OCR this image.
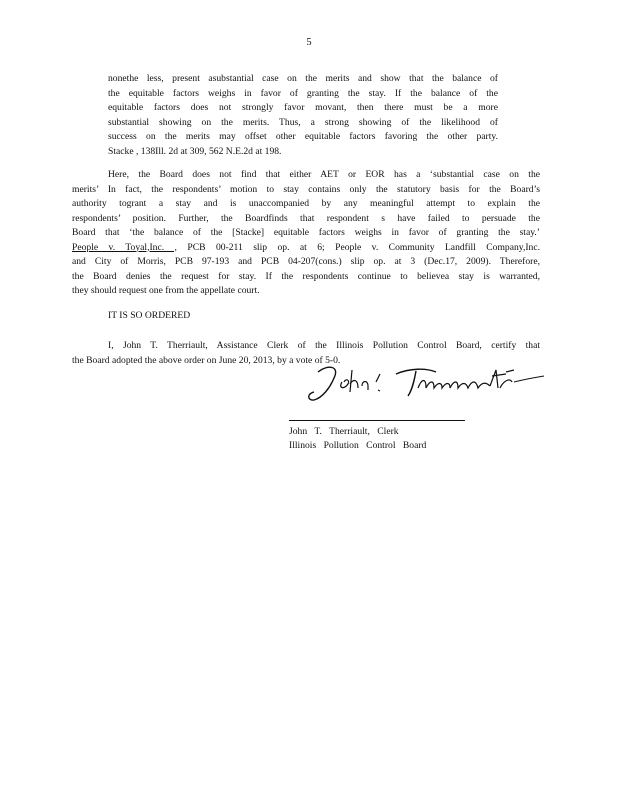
5
nonethe less, present asubstantial case on the merits and show that the balance of
the equitable factors weighs in favor of granting the stay. If the balance of the
equitable factors does not strongly favor movant, then there must be a more
substantial showing on the merits. Thus, a strong showing of the likelihood of
success on the merits may offset other equitable factors favoring the other party.
Stacke , 138Ill. 2d at 309, 562 N.E.2d at 198.
Here, the Board does not find that either AET or EOR has a ‘substantial case on the
merits’ In fact, the respondents’ motion to stay contains only the statutory basis for the Board’s
authority togrant a stay and is unaccompanied by any meaningful attempt to explain the
respondents’ position. Further, the Boardfinds that respondent s have failed to persuade the
Board that ‘the balance of the [Stacke] equitable factors weighs in favor of granting the stay.’
People v. Toyal,Inc. , PCB 00-211 slip op. at 6; People v. Community Landfill Company,Inc.
and City of Morris, PCB 97-193 and PCB 04-207(cons.) slip op. at 3 (Dec.17, 2009). Therefore,
the Board denies the request for stay. If the respondents continue to believea stay is warranted,
they should request one from the appellate court.
IT IS SO ORDERED
I, John T. Therriault, Assistance Clerk of the Illinois Pollution Control Board, certify that
the Board adopted the above order on June 20, 2013, by a vote of 5-0.
John T. Therriault, Clerk
Illinois Pollution Control Board
